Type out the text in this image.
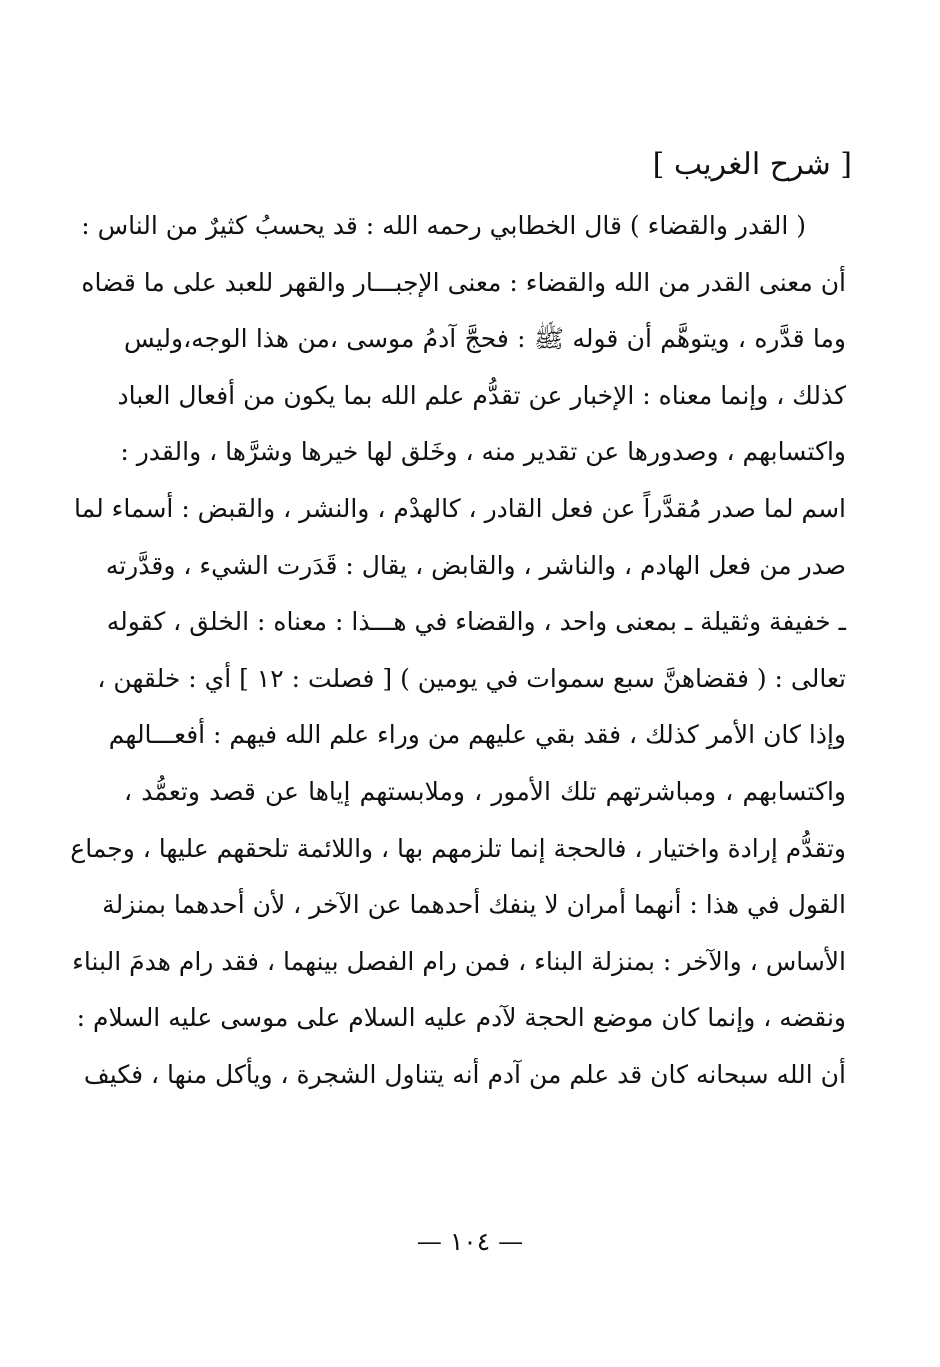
[ شرح الغريب ]
( القدر والقضاء ) قال الخطابي رحمه الله : قد يحسبُ كثيرٌ من الناس :
أن معنى القدر من الله والقضاء : معنى الإجبـــار والقهر للعبد على ما قضاه
وما قدَّره ، ويتوهَّم أن قوله ﷺ : فحجَّ آدمُ موسى ،من هذا الوجه،وليس
كذلك ، وإنما معناه : الإخبار عن تقدُّم علم الله بما يكون من أفعال العباد
واكتسابهم ، وصدورها عن تقدير منه ، وخَلق لها خيرها وشرَّها ، والقدر :
اسم لما صدر مُقدَّراً عن فعل القادر ، كالهدْم ، والنشر ، والقبض : أسماء لما
صدر من فعل الهادم ، والناشر ، والقابض ، يقال : قَدَرت الشيء ، وقدَّرته
ـ خفيفة وثقيلة ـ بمعنى واحد ، والقضاء في هـــذا : معناه : الخلق ، كقوله
تعالى : ( فقضاهنَّ سبع سموات في يومين ) [ فصلت : ١٢ ] أي : خلقهن ،
وإذا كان الأمر كذلك ، فقد بقي عليهم من وراء علم الله فيهم : أفعـــالهم
واكتسابهم ، ومباشرتهم تلك الأمور ، وملابستهم إياها عن قصد وتعمُّد ،
وتقدُّم إرادة واختيار ، فالحجة إنما تلزمهم بها ، واللائمة تلحقهم عليها ، وجماع
القول في هذا : أنهما أمران لا ينفك أحدهما عن الآخر ، لأن أحدهما بمنزلة
الأساس ، والآخر : بمنزلة البناء ، فمن رام الفصل بينهما ، فقد رام هدمَ البناء
ونقضه ، وإنما كان موضع الحجة لآدم عليه السلام على موسى عليه السلام :
أن الله سبحانه كان قد علم من آدم أنه يتناول الشجرة ، ويأكل منها ، فكيف
— ١٠٤ —
